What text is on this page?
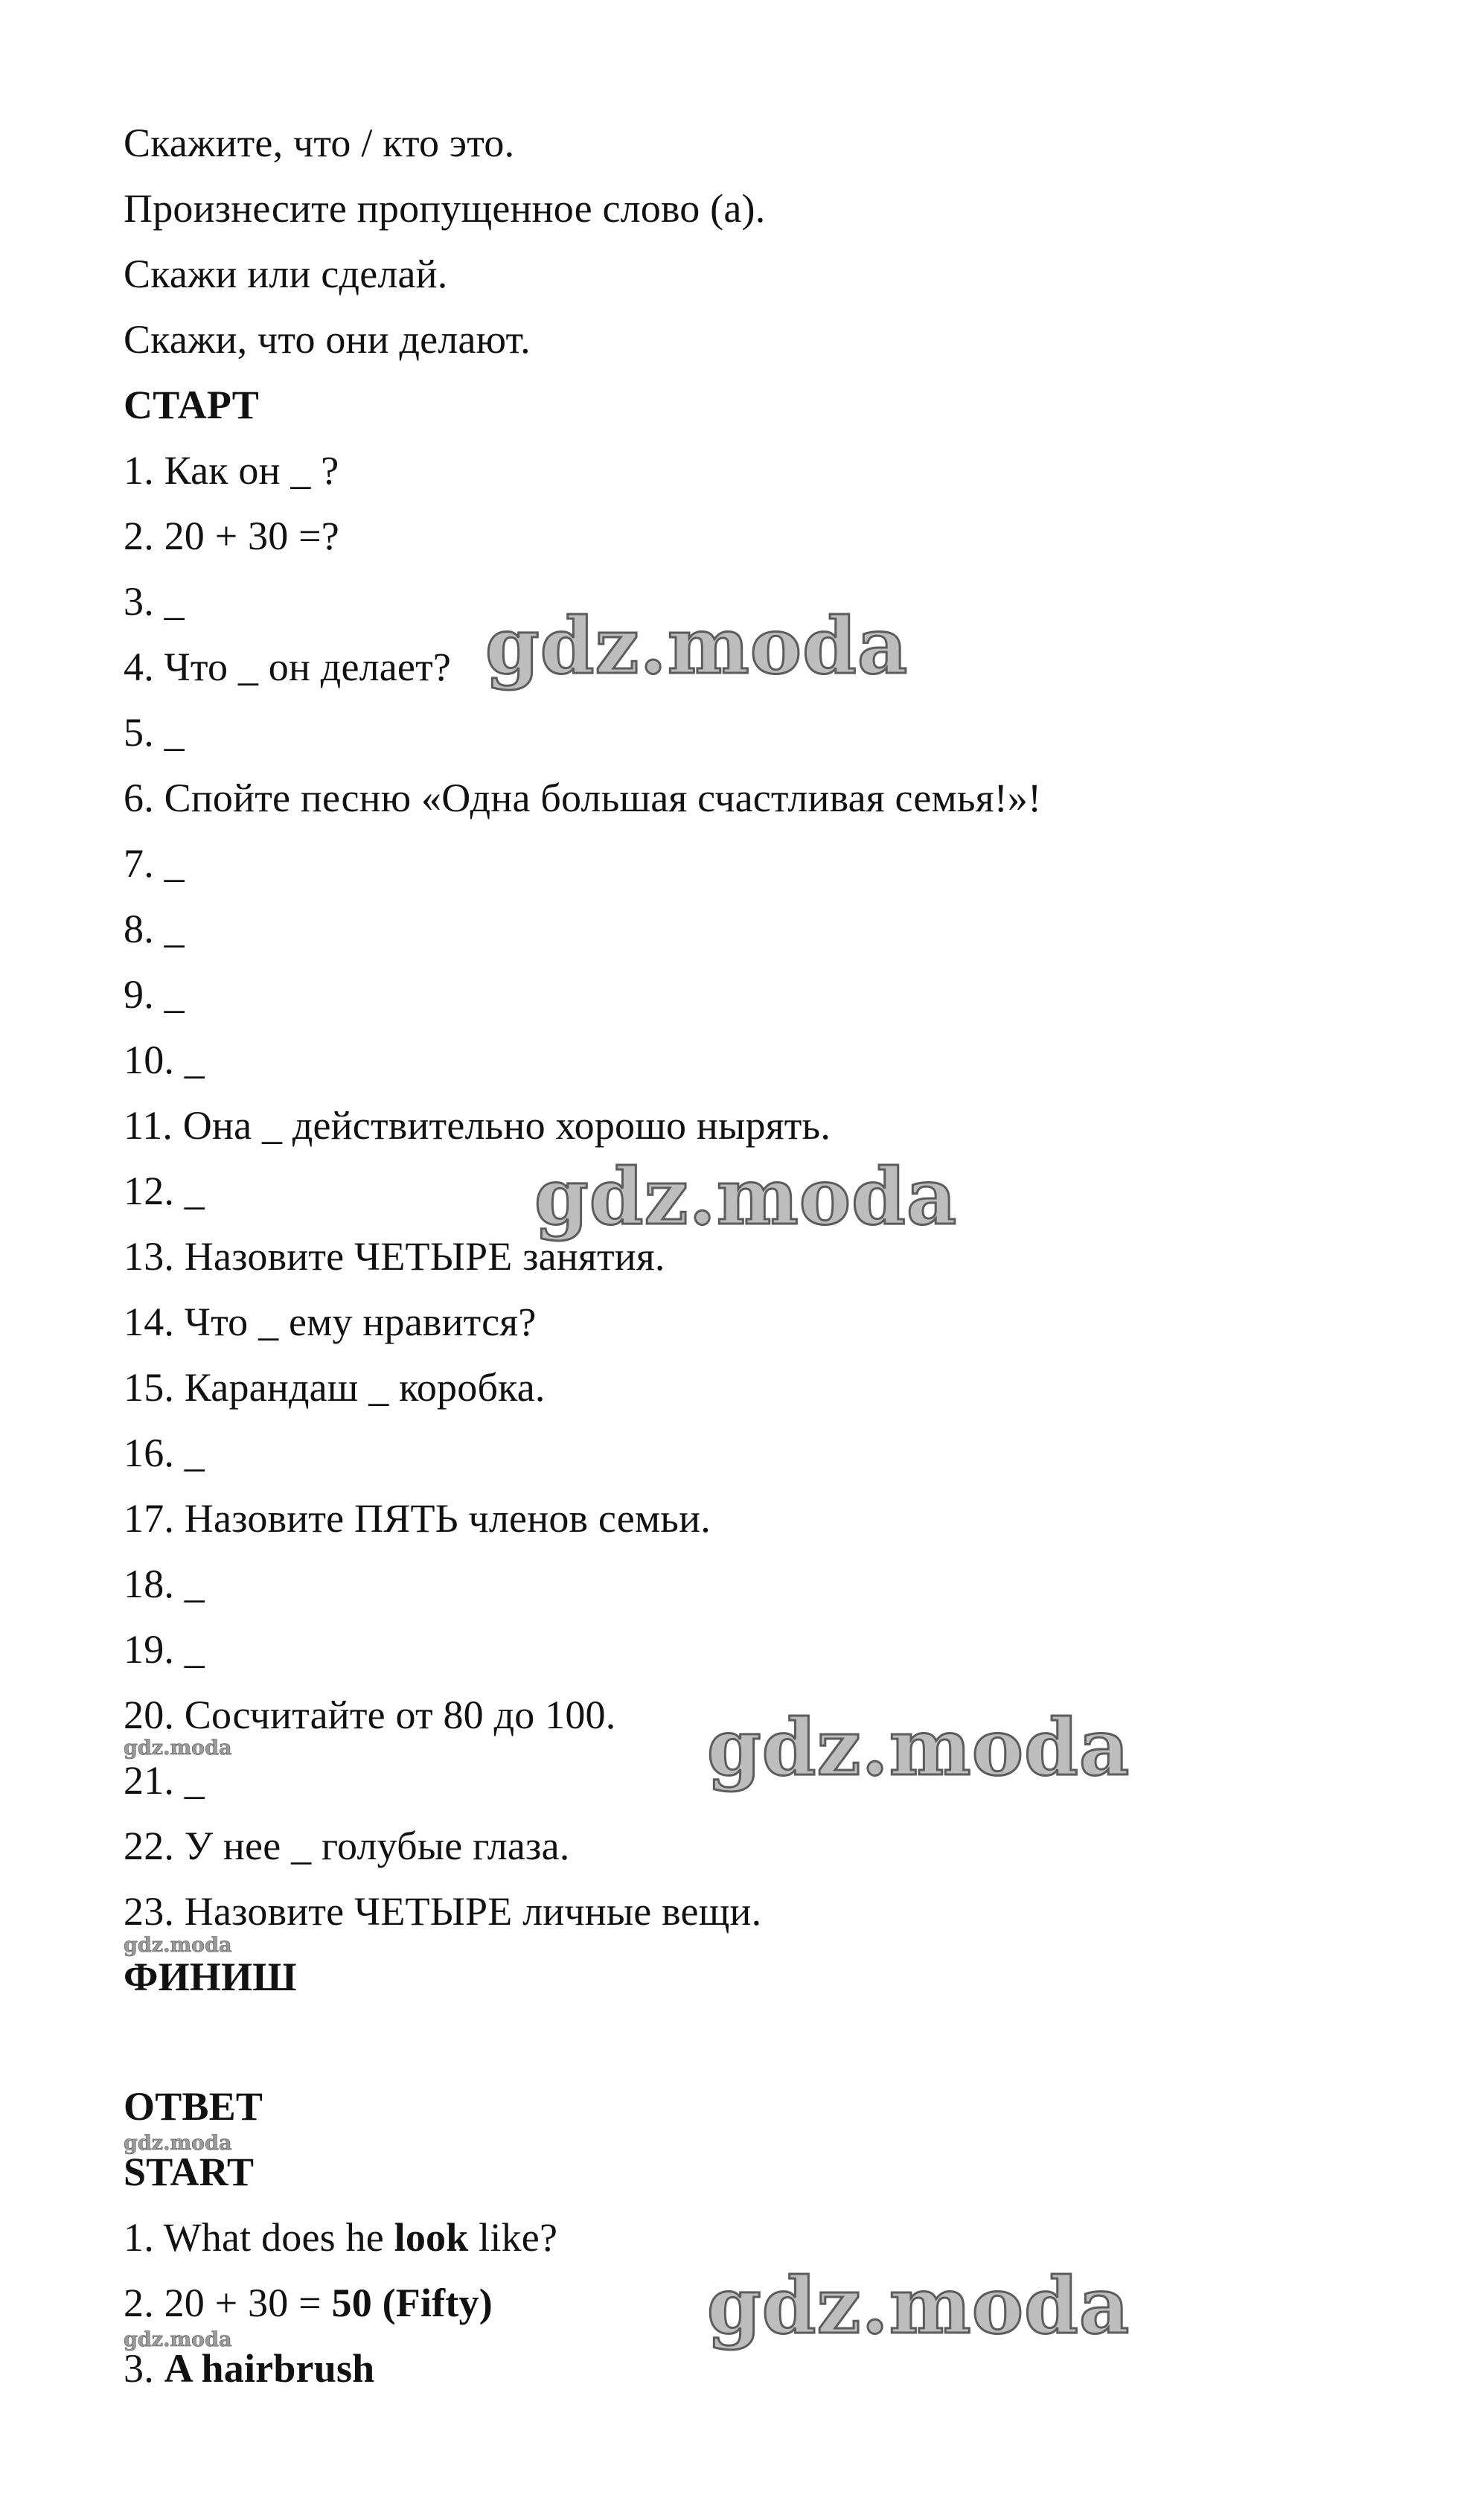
Скажите, что / кто это.
Произнесите пропущенное слово (а).
Скажи или сделай.
Скажи, что они делают.
СТАРТ
1. Как он _ ?
2. 20 + 30 =?
3. _
4. Что _ он делает?
5. _
6. Спойте песню «Одна большая счастливая семья!»!
7. _
8. _
9. _
10. _
11. Она _ действительно хорошо нырять.
12. _
13. Назовите ЧЕТЫРЕ занятия.
14. Что _ ему нравится?
15. Карандаш _ коробка.
16. _
17. Назовите ПЯТЬ членов семьи.
18. _
19. _
20. Сосчитайте от 80 до 100.
21. _
22. У нее _ голубые глаза.
23. Назовите ЧЕТЫРЕ личные вещи.
ФИНИШ
ОТВЕТ
START
1. What does he look like?
2. 20 + 30 = 50 (Fifty)
3. A hairbrush
gdz.moda
gdz.moda
gdz.moda
gdz.moda
gdz.moda
gdz.moda
gdz.moda
gdz.moda
